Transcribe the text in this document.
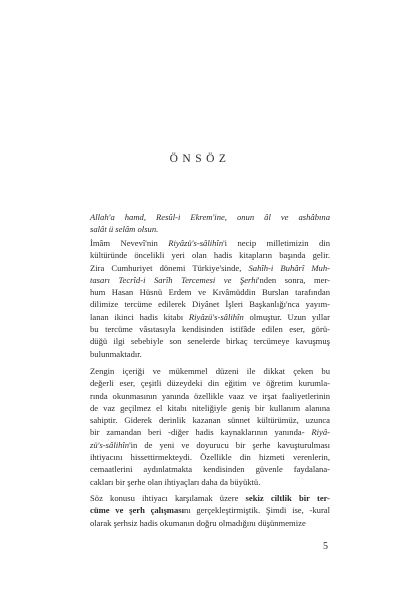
ÖNSÖZ
Allah'a hamd, Resûl-i Ekrem'ine, onun âl ve ashâbına
salât ü selâm olsun.
İmâm Nevevî'nin Riyâzü's-sâlihîn'i necip milletimizin din
kültüründe öncelikli yeri olan hadis kitapların başında gelir.
Zira Cumhuriyet dönemi Türkiye'sinde, Sahîh-i Buhârî Muh-
tasarı Tecrîd-i Sarîh Tercemesi ve Şerhi'nden sonra, mer-
hum Hasan Hüsnü Erdem ve Kıvâmüddin Burslan tarafından
dilimize tercüme edilerek Diyânet İşleri Başkanlığı'nca yayım-
lanan ikinci hadis kitabı Riyâzü's-sâlihîn olmuştur. Uzun yıllar
bu tercüme vâsıtasıyla kendisinden istifâde edilen eser, görü-
düğü ilgi sebebiyle son senelerde birkaç tercümeye kavuşmuş
bulunmaktadır.
Zengin içeriği ve mükemmel düzeni ile dikkat çeken bu
değerli eser, çeşitli düzeydeki din eğitim ve öğretim kurumla-
rında okunmasının yanında özellikle vaaz ve irşat faaliyetlerinin
de vaz geçilmez el kitabı niteliğiyle geniş bir kullanım alanına
sahiptir. Giderek derinlik kazanan sünnet kültürümüz, uzunca
bir zamandan beri -diğer hadis kaynaklarının yanında- Riyâ-
zü's-sâlihîn'in de yeni ve doyurucu bir şerhe kavuşturulması
ihtiyacını hissettirmekteydi. Özellikle din hizmeti verenlerin,
cemaatlerini aydınlatmakta kendisinden güvenle faydalana-
cakları bir şerhe olan ihtiyaçları daha da büyüktü.
Söz konusu ihtiyacı karşılamak üzere sekiz ciltlik bir ter-
cüme ve şerh çalışmasını gerçekleştirmiştik. Şimdi ise, -kural
olarak şerhsiz hadis okumanın doğru olmadığını düşünmemize
5
